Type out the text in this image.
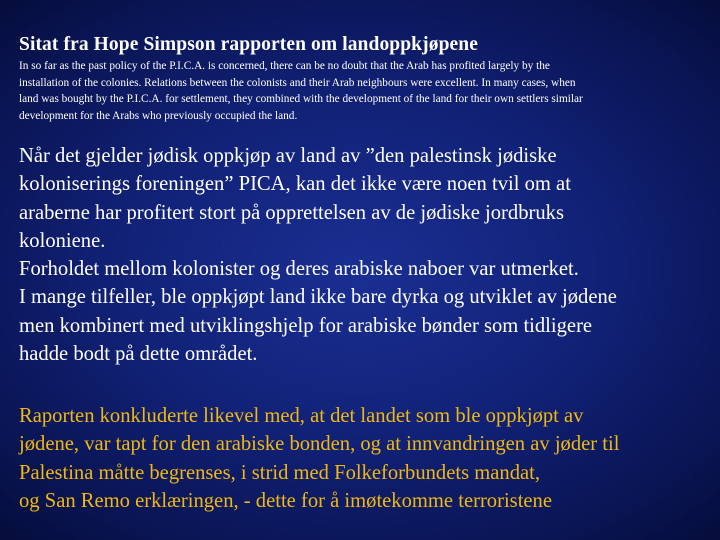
Sitat fra Hope Simpson rapporten om landoppkjøpene

In so far as the past policy of the P.I.C.A. is concerned, there can be no doubt that the Arab has profited largely by the
installation of the colonies. Relations between the colonists and their Arab neighbours were excellent. In many cases, when
land was bought by the P.I.C.A. for settlement, they combined with the development of the land for their own settlers similar
development for the Arabs who previously occupied the land.

Når det gjelder jødisk oppkjøp av land av ”den palestinsk jødiske
koloniserings foreningen” PICA, kan det ikke være noen tvil om at
araberne har profitert stort på opprettelsen av de jødiske jordbruks
koloniene.
Forholdet mellom kolonister og deres arabiske naboer var utmerket.
I mange tilfeller, ble oppkjøpt land ikke bare dyrka og utviklet av jødene
men kombinert med utviklingshjelp for arabiske bønder som tidligere
hadde bodt på dette området.

Raporten konkluderte likevel med, at det landet som ble oppkjøpt av
jødene, var tapt for den arabiske bonden, og at innvandringen av jøder til
Palestina måtte begrenses, i strid med Folkeforbundets mandat,
og San Remo erklæringen, - dette for å imøtekomme terroristene
